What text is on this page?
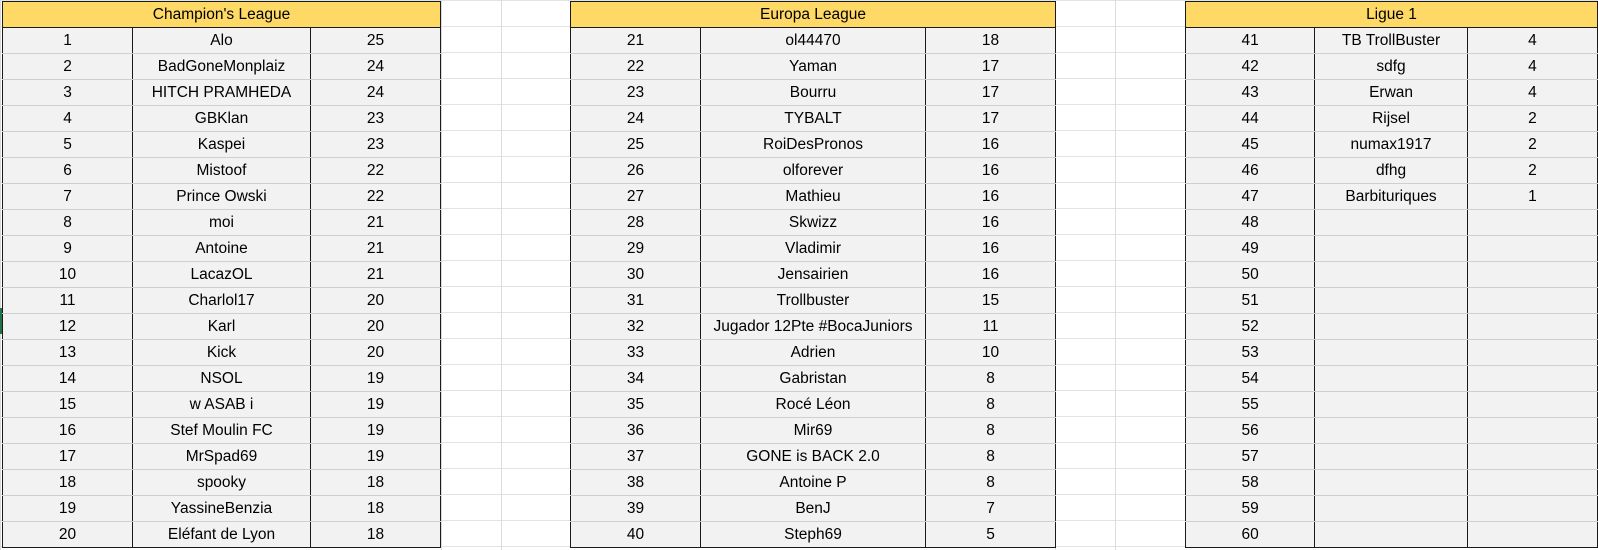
Champion's League		
1	Alo	25
2	BadGoneMonplaiz	24
3	HITCH PRAMHEDA	24
4	GBKlan	23
5	Kaspei	23
6	Mistoof	22
7	Prince Owski	22
8	moi	21
9	Antoine	21
10	LacazOL	21
11	Charlol17	20
12	Karl	20
13	Kick	20
14	NSOL	19
15	w ASAB i	19
16	Stef Moulin FC	19
17	MrSpad69	19
18	spooky	18
19	YassineBenzia	18
20	Eléfant de Lyon	18
Europa League		
21	ol44470	18
22	Yaman	17
23	Bourru	17
24	TYBALT	17
25	RoiDesPronos	16
26	olforever	16
27	Mathieu	16
28	Skwizz	16
29	Vladimir	16
30	Jensairien	16
31	Trollbuster	15
32	Jugador 12Pte #BocaJuniors	11
33	Adrien	10
34	Gabristan	8
35	Rocé Léon	8
36	Mir69	8
37	GONE is BACK 2.0	8
38	Antoine P	8
39	BenJ	7
40	Steph69	5
Ligue 1		
41	TB TrollBuster	4
42	sdfg	4
43	Erwan	4
44	Rijsel	2
45	numax1917	2
46	dfhg	2
47	Barbituriques	1
48		
49		
50		
51		
52		
53		
54		
55		
56		
57		
58		
59		
60		
